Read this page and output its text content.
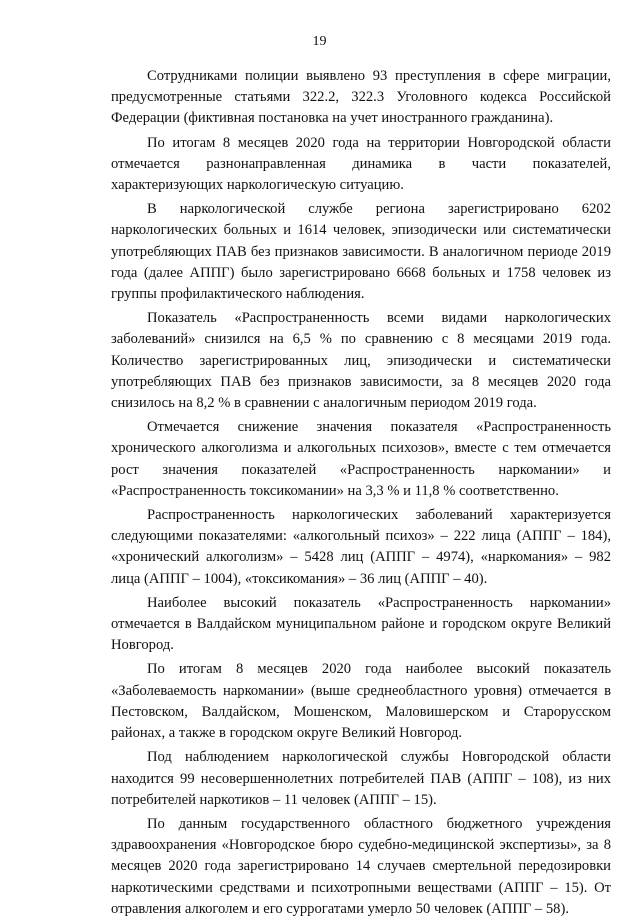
19

Сотрудниками полиции выявлено 93 преступления в сфере миграции, предусмотренные статьями 322.2, 322.3 Уголовного кодекса Российской Федерации (фиктивная постановка на учет иностранного гражданина).

По итогам 8 месяцев 2020 года на территории Новгородской области отмечается разнонаправленная динамика в части показателей, характеризующих наркологическую ситуацию.

В наркологической службе региона зарегистрировано 6202 наркологических больных и 1614 человек, эпизодически или систематически употребляющих ПАВ без признаков зависимости. В аналогичном периоде 2019 года (далее АППГ) было зарегистрировано 6668 больных и 1758 человек из группы профилактического наблюдения.

Показатель «Распространенность всеми видами наркологических заболеваний» снизился на 6,5 % по сравнению с 8 месяцами 2019 года. Количество зарегистрированных лиц, эпизодически и систематически употребляющих ПАВ без признаков зависимости, за 8 месяцев 2020 года снизилось на 8,2 % в сравнении с аналогичным периодом 2019 года.

Отмечается снижение значения показателя «Распространенность хронического алкоголизма и алкогольных психозов», вместе с тем отмечается рост значения показателей «Распространенность наркомании» и «Распространенность токсикомании» на 3,3 % и 11,8 % соответственно.

Распространенность наркологических заболеваний характеризуется следующими показателями: «алкогольный психоз» – 222 лица (АППГ – 184), «хронический алкоголизм» – 5428 лиц (АППГ – 4974), «наркомания» – 982 лица (АППГ – 1004), «токсикомания» – 36 лиц (АППГ – 40).

Наиболее высокий показатель «Распространенность наркомании» отмечается в Валдайском муниципальном районе и городском округе Великий Новгород.

По итогам 8 месяцев 2020 года наиболее высокий показатель «Заболеваемость наркомании» (выше среднеобластного уровня) отмечается в Пестовском, Валдайском, Мошенском, Маловишерском и Старорусском районах, а также в городском округе Великий Новгород.

Под наблюдением наркологической службы Новгородской области находится 99 несовершеннолетних потребителей ПАВ (АППГ – 108), из них потребителей наркотиков – 11 человек (АППГ – 15).

По данным государственного областного бюджетного учреждения здравоохранения «Новгородское бюро судебно-медицинской экспертизы», за 8 месяцев 2020 года зарегистрировано 14 случаев смертельной передозировки наркотическими средствами и психотропными веществами (АППГ – 15). От отравления алкоголем и его суррогатами умерло 50 человек (АППГ – 58).
